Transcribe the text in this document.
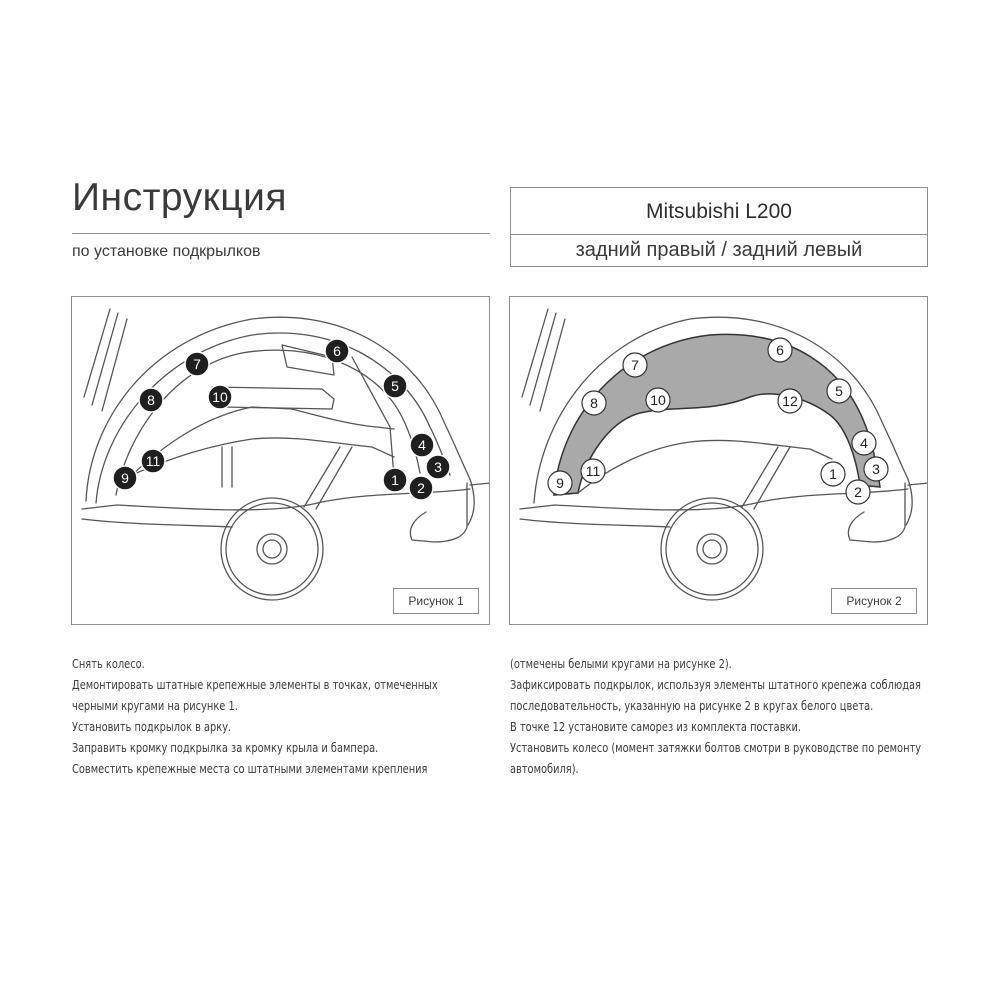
Инструкция
по установке подкрылков
Mitsubishi L200
задний правый / задний левый
1 2
3
4
5
6
7
8
9
10
11
Рисунок 1
1
2
3
4
5
6
7
8
9
10
11
12
Рисунок 2

Снять колесо.

Демонтировать штатные крепежные элементы в точках, отмеченных

черными кругами на рисунке 1.

Установить подкрылок в арку.

Заправить кромку подкрылка за кромку крыла и бампера.

Совместить крепежные места со штатными элементами крепления

(отмечены белыми кругами на рисунке 2).

Зафиксировать подкрылок, используя элементы штатного крепежа соблюдая

последовательность, указанную на рисунке 2 в кругах белого цвета.

В точке 12 установите саморез из комплекта поставки.

Установить колесо (момент затяжки болтов смотри в руководстве по ремонту

автомобиля).
